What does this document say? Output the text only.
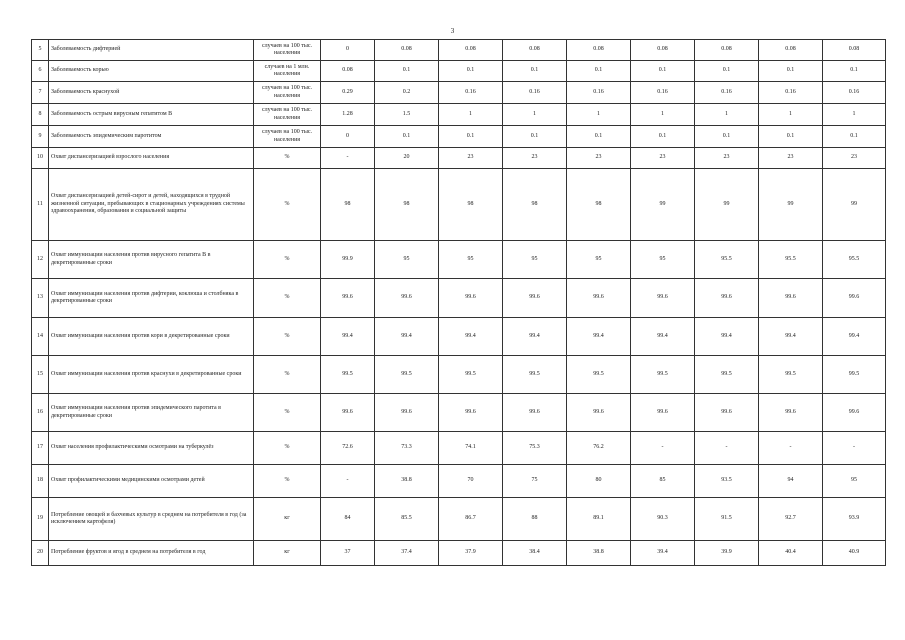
3
5	Заболеваемость дифтерией	случаев на 100 тыс. населения	0	0.08	0.08	0.08	0.08	0.08	0.08	0.08	0.08
6	Заболеваемость корью	случаев на 1 млн. населения	0.08	0.1	0.1	0.1	0.1	0.1	0.1	0.1	0.1
7	Заболеваемость краснухой	случаев на 100 тыс. населения	0.29	0.2	0.16	0.16	0.16	0.16	0.16	0.16	0.16
8	Заболеваемость острым вирусным гепатитом В	случаев на 100 тыс. населения	1.28	1.5	1	1	1	1	1	1	1
9	Заболеваемость эпидемическим паротитом	случаев на 100 тыс. населения	0	0.1	0.1	0.1	0.1	0.1	0.1	0.1	0.1
10	Охват диспансеризацией взрослого населения	%	-	20	23	23	23	23	23	23	23
11	Охват диспансеризацией детей-сирот и детей, находящихся в трудной жизненной ситуации, пребывающих в стационарных учреждениях системы здравоохранения, образования и социальной защиты	%	98	98	98	98	98	99	99	99	99
12	Охват иммунизации населения против вирусного гепатита В в декретированные сроки	%	99.9	95	95	95	95	95	95.5	95.5	95.5
13	Охват иммунизации населения против дифтерии, коклюша и столбняка в декретированные сроки	%	99.6	99.6	99.6	99.6	99.6	99.6	99.6	99.6	99.6
14	Охват иммунизации населения против кори в декретированные сроки	%	99.4	99.4	99.4	99.4	99.4	99.4	99.4	99.4	99.4
15	Охват иммунизации населения против краснухи в декретированные сроки	%	99.5	99.5	99.5	99.5	99.5	99.5	99.5	99.5	99.5
16	Охват иммунизации населения против эпидемического паротита в декретированные сроки	%	99.6	99.6	99.6	99.6	99.6	99.6	99.6	99.6	99.6
17	Охват населения профилактическими осмотрами на туберкулёз	%	72.6	73.3	74.1	75.3	76.2	-	-	-	-
18	Охват профилактическими медицинскими осмотрами детей	%	-	38.8	70	75	80	85	93.5	94	95
19	Потребление овощей и бахчевых культур в среднем на потребителя в год (за исключением картофеля)	кг	84	85.5	86.7	88	89.1	90.3	91.5	92.7	93.9
20	Потребление фруктов и ягод в среднем на потребителя в год	кг	37	37.4	37.9	38.4	38.8	39.4	39.9	40.4	40.9
